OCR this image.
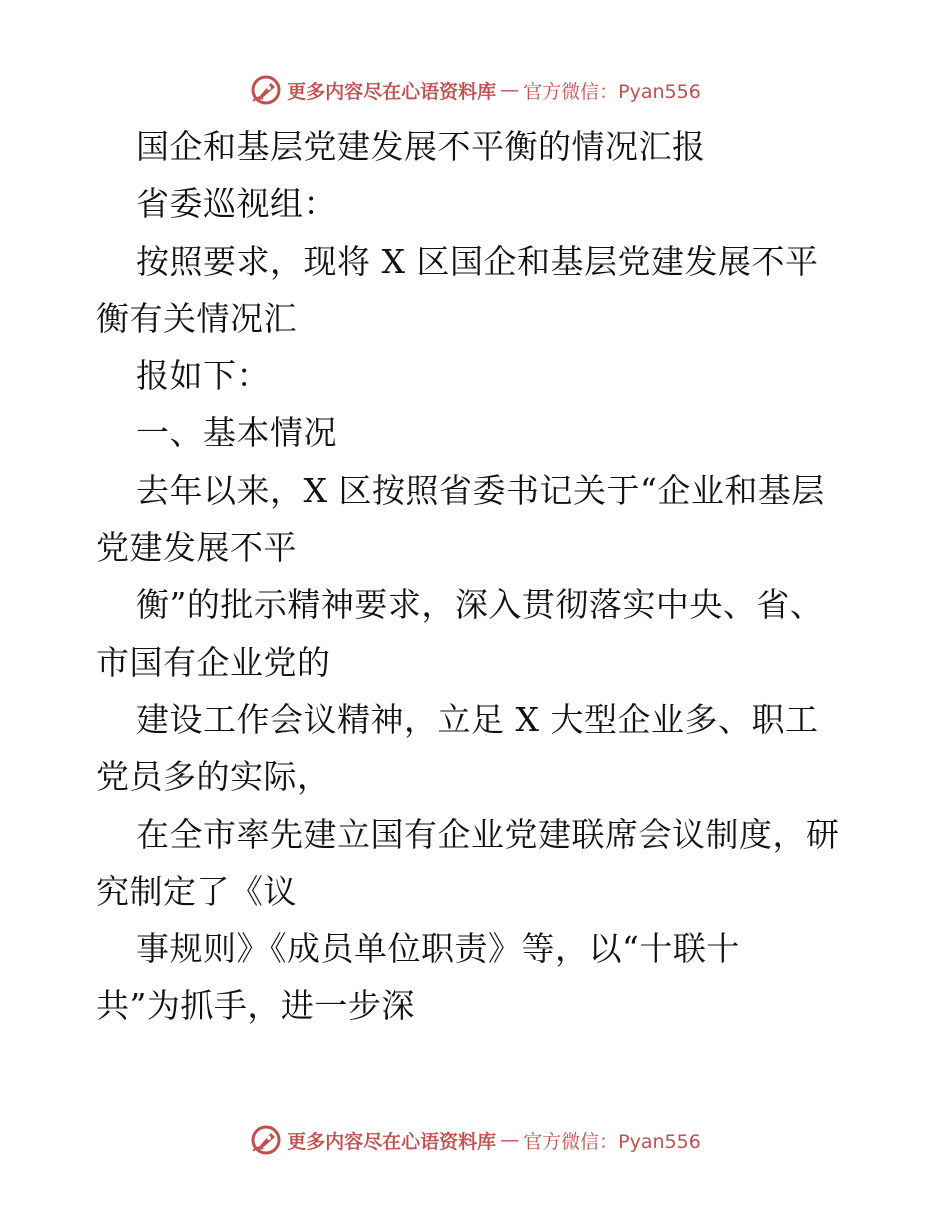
更多内容尽在心语资料库 — 官方微信：Pyan556
国企和基层党建发展不平衡的情况汇报
省委巡视组：
按照要求，现将 X 区国企和基层党建发展不平
衡有关情况汇
报如下：
一、基本情况
去年以来，X 区按照省委书记关于“企业和基层
党建发展不平
衡”的批示精神要求，深入贯彻落实中央、省、
市国有企业党的
建设工作会议精神，立足 X 大型企业多、职工
党员多的实际，
在全市率先建立国有企业党建联席会议制度，研
究制定了《议
事规则》《成员单位职责》等，以“十联十
共”为抓手，进一步深
更多内容尽在心语资料库 — 官方微信：Pyan556
